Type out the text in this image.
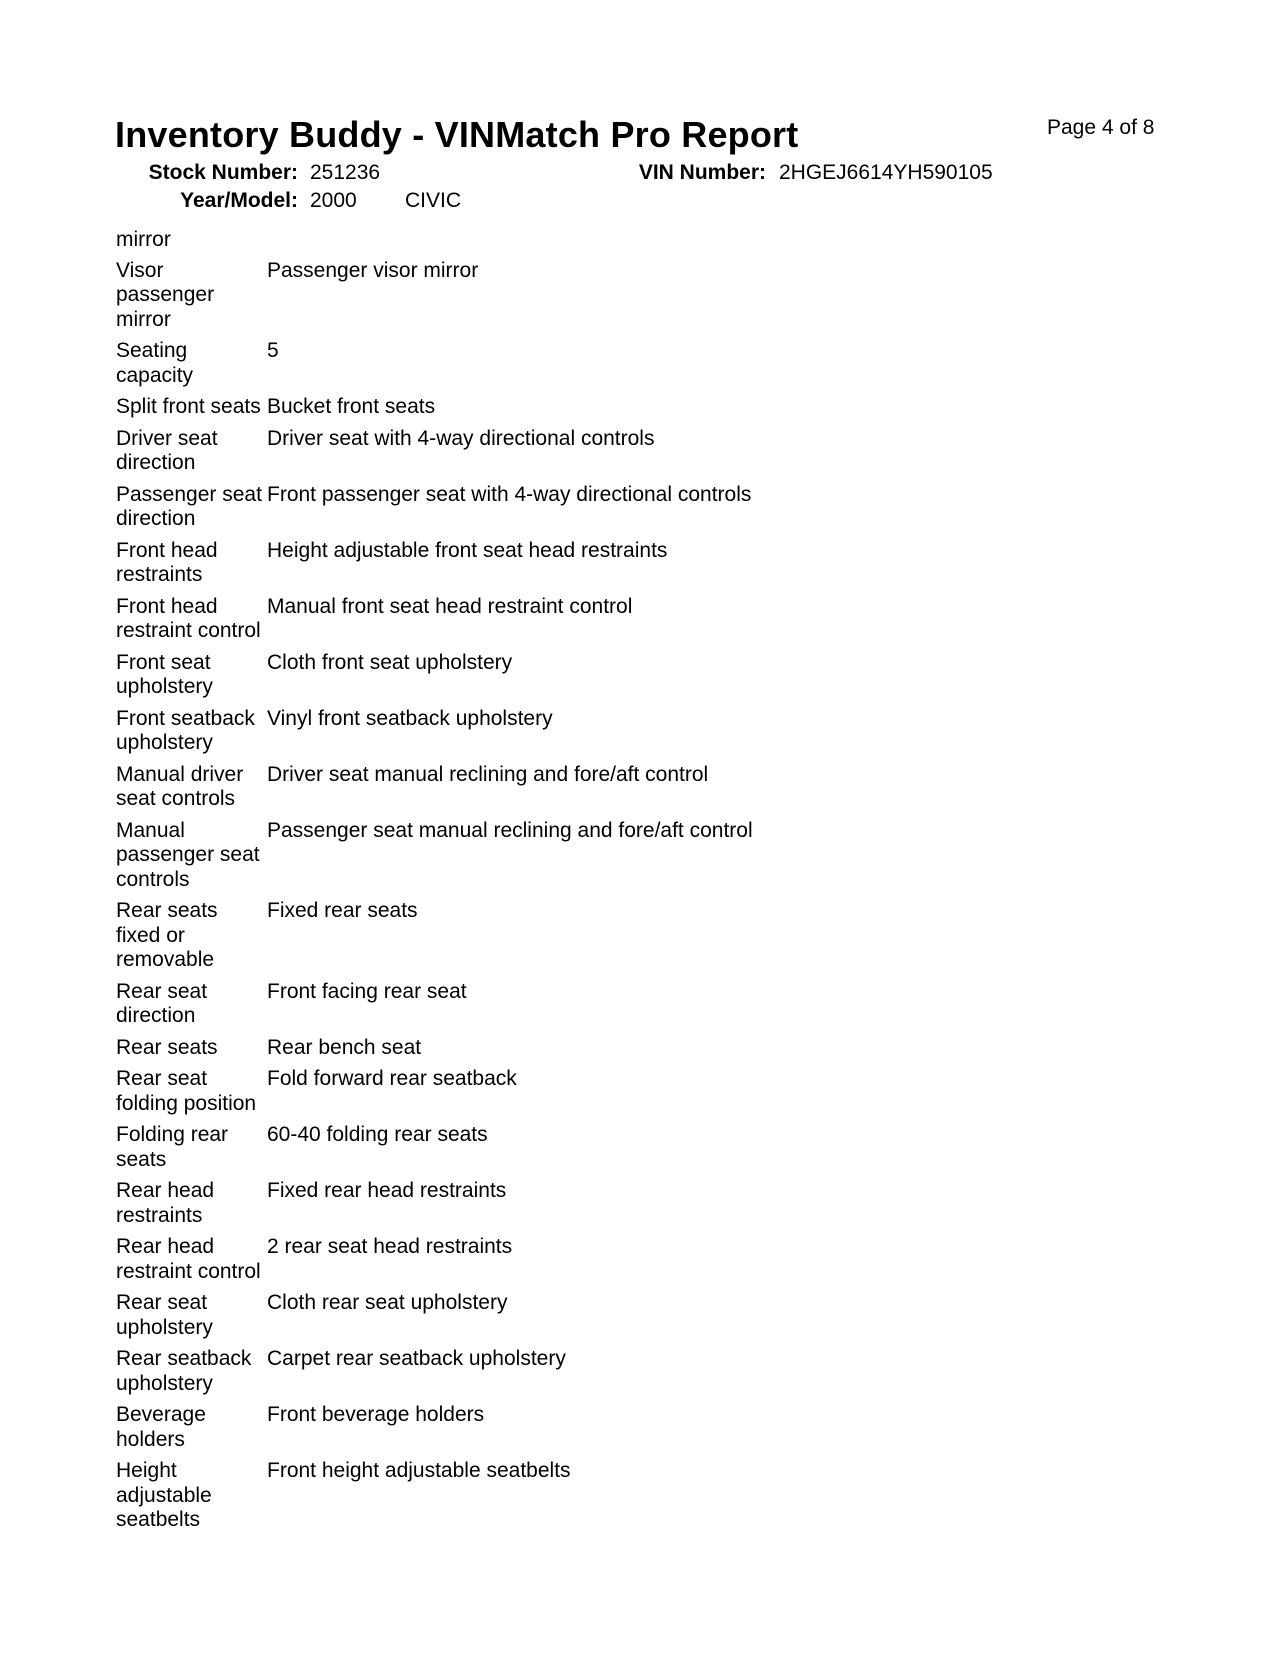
Page 4 of 8
Inventory Buddy - VINMatch Pro Report
Stock Number: 251236	VIN Number: 2HGEJ6614YH590105
Year/Model: 2000 CIVIC
mirror
Visor passenger mirror
Passenger visor mirror
Seating capacity
5
Split front seats Bucket front seats
Driver seat direction
Driver seat with 4-way directional controls
Passenger seat direction
Front passenger seat with 4-way directional controls
Front head restraints
Height adjustable front seat head restraints
Front head restraint control
Manual front seat head restraint control
Front seat upholstery
Cloth front seat upholstery
Front seatback upholstery
Vinyl front seatback upholstery
Manual driver seat controls
Driver seat manual reclining and fore/aft control
Manual passenger seat controls
Passenger seat manual reclining and fore/aft control
Rear seats fixed or removable
Fixed rear seats
Rear seat direction
Front facing rear seat
Rear seats	Rear bench seat
Rear seat folding position
Fold forward rear seatback
Folding rear seats
60-40 folding rear seats
Rear head restraints
Fixed rear head restraints
Rear head restraint control
2 rear seat head restraints
Rear seat upholstery
Cloth rear seat upholstery
Rear seatback upholstery
Carpet rear seatback upholstery
Beverage holders
Front beverage holders
Height adjustable seatbelts
Front height adjustable seatbelts
